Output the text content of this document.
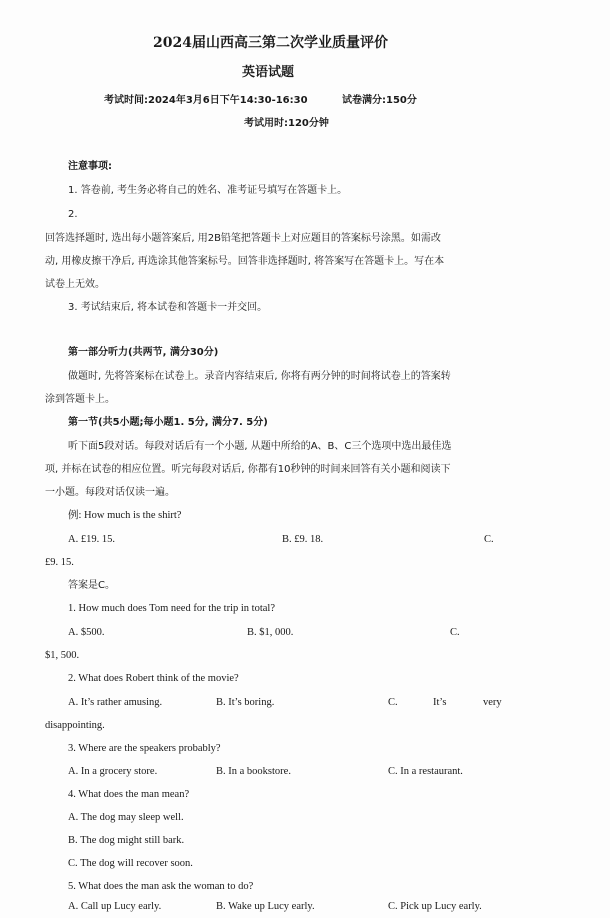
2024届山西高三第二次学业质量评价
英语试题
考试时间:2024年3月6日下午14:30-16:30	试卷满分:150分
考试用时:120分钟
注意事项:
1. 答卷前, 考生务必将自己的姓名、准考证号填写在答题卡上。
2.
回答选择题时, 选出每小题答案后, 用2B铅笔把答题卡上对应题目的答案标号涂黑。如需改
动, 用橡皮擦干净后, 再选涂其他答案标号。回答非选择题时, 将答案写在答题卡上。写在本
试卷上无效。
3. 考试结束后, 将本试卷和答题卡一并交回。
第一部分听力(共两节, 满分30分)
做题时, 先将答案标在试卷上。录音内容结束后, 你将有两分钟的时间将试卷上的答案转
涂到答题卡上。
第一节(共5小题;每小题1. 5分, 满分7. 5分)
听下面5段对话。每段对话后有一个小题, 从题中所给的A、B、C三个选项中选出最佳选
项, 并标在试卷的相应位置。听完每段对话后, 你都有10秒钟的时间来回答有关小题和阅读下
一小题。每段对话仅读一遍。
例: How much is the shirt?
A. £19. 15.	B. £9. 18.	C.
£9. 15.
答案是C。
1. How much does Tom need for the trip in total?
A. $500.	B. $1, 000.	C.
$1, 500.
2. What does Robert think of the movie?
A. It’s rather amusing.	B. It’s boring.	C.	It’s	very
disappointing.
3. Where are the speakers probably?
A. In a grocery store.	B. In a bookstore.	C. In a restaurant.
4. What does the man mean?
A. The dog may sleep well.
B. The dog might still bark.
C. The dog will recover soon.
5. What does the man ask the woman to do?
A. Call up Lucy early.	B. Wake up Lucy early.	C. Pick up Lucy early.
